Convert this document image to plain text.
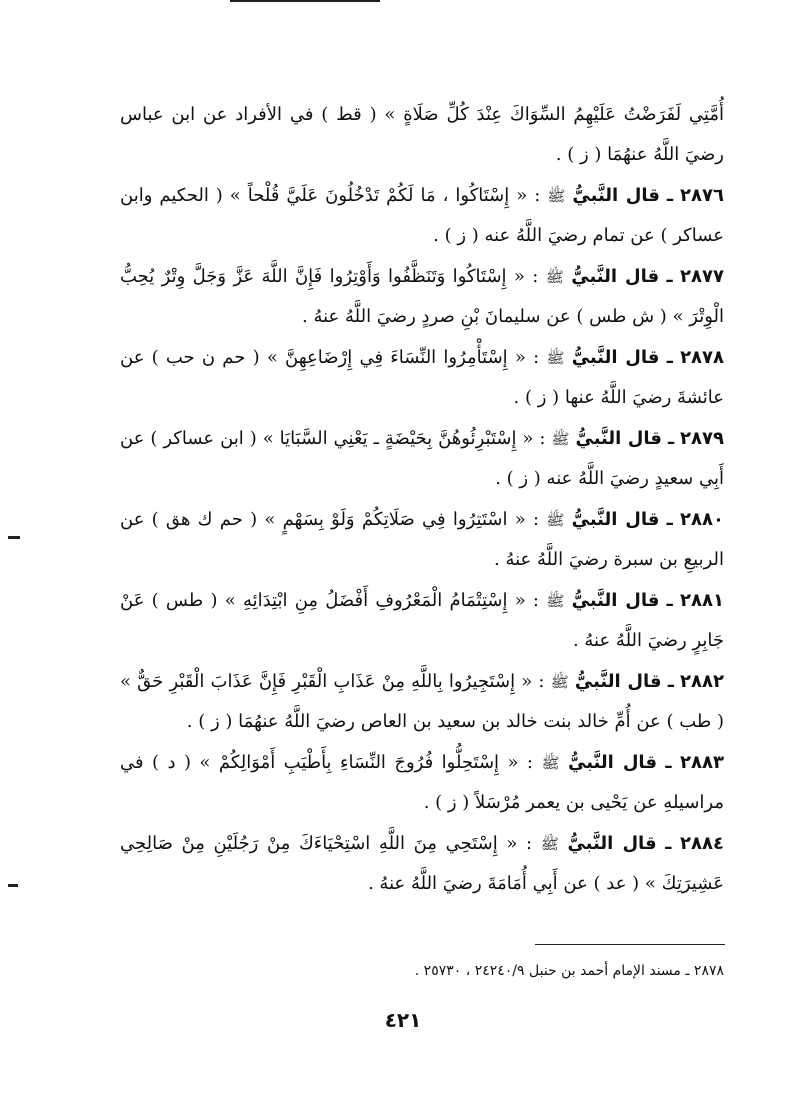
أُمَّتِي لَفَرَضْتُ عَلَيْهِمُ السِّوَاكَ عِنْدَ كُلِّ صَلَاةٍ » ( قط ) في الأفراد عن ابن عباس رضيَ اللَّهُ عنهُمَا ( ز ) .

٢٨٧٦ ـ قال النَّبيُّ ﷺ : « إِسْتَاكُوا ، مَا لَكُمْ تَدْخُلُونَ عَلَيَّ قُلْحاً » ( الحكيم وابن عساكر ) عن تمام رضيَ اللَّهُ عنه ( ز ) .

٢٨٧٧ ـ قال النَّبيُّ ﷺ : « إِسْتَاكُوا وَتَنَظَّفُوا وَأَوْتِرُوا فَإِنَّ اللَّهَ عَزَّ وَجَلَّ وِتْرٌ يُحِبُّ الْوِتْرَ » ( ش طس ) عن سليمانَ بْنِ صردٍ رضيَ اللَّهُ عنهُ .

٢٨٧٨ ـ قال النَّبيُّ ﷺ : « إِسْتَأْمِرُوا النِّسَاءَ فِي إِرْضَاعِهِنَّ » ( حم ن حب ) عن عائشةَ رضيَ اللَّهُ عنها ( ز ) .

٢٨٧٩ ـ قال النَّبيُّ ﷺ : « إِسْتَبْرِئُوهُنَّ بِحَيْضَةٍ ـ يَعْنِي السَّبَايَا » ( ابن عساكر ) عن أَبِي سعيدٍ رضيَ اللَّهُ عنه ( ز ) .

٢٨٨٠ ـ قال النَّبيُّ ﷺ : « اسْتَتِرُوا فِي صَلَاتِكُمْ وَلَوْ بِسَهْمٍ » ( حم ك هق ) عن الربيعِ بن سبرة رضيَ اللَّهُ عنهُ .

٢٨٨١ ـ قال النَّبيُّ ﷺ : « إِسْتِتْمَامُ الْمَعْرُوفِ أَفْضَلُ مِنِ ابْتِدَائِهِ » ( طس ) عَنْ جَابِرٍ رضيَ اللَّهُ عنهُ .

٢٨٨٢ ـ قال النَّبيُّ ﷺ : « إِسْتَجِيرُوا بِاللَّهِ مِنْ عَذَابِ الْقَبْرِ فَإِنَّ عَذَابَ الْقَبْرِ حَقٌّ » ( طب ) عن أُمِّ خالد بنت خالد بن سعيد بن العاص رضيَ اللَّهُ عنهُمَا ( ز ) .

٢٨٨٣ ـ قال النَّبيُّ ﷺ : « إِسْتَحِلُّوا فُرُوجَ النِّسَاءِ بِأَطْيَبِ أَمْوَالِكُمْ » ( د ) في مراسيلهِ عن يَحْيى بن يعمر مُرْسَلاً ( ز ) .

٢٨٨٤ ـ قال النَّبيُّ ﷺ : « إِسْتَحِي مِنَ اللَّهِ اسْتِحْيَاءَكَ مِنْ رَجُلَيْنِ مِنْ صَالِحِي عَشِيرَتِكَ » ( عد ) عن أَبِي أُمَامَةَ رضيَ اللَّهُ عنهُ .

٢٨٧٨ ـ مسند الإمام أحمد بن حنبل ٢٤٢٤٠/٩ ، ٢٥٧٣٠ .
٤٢١
